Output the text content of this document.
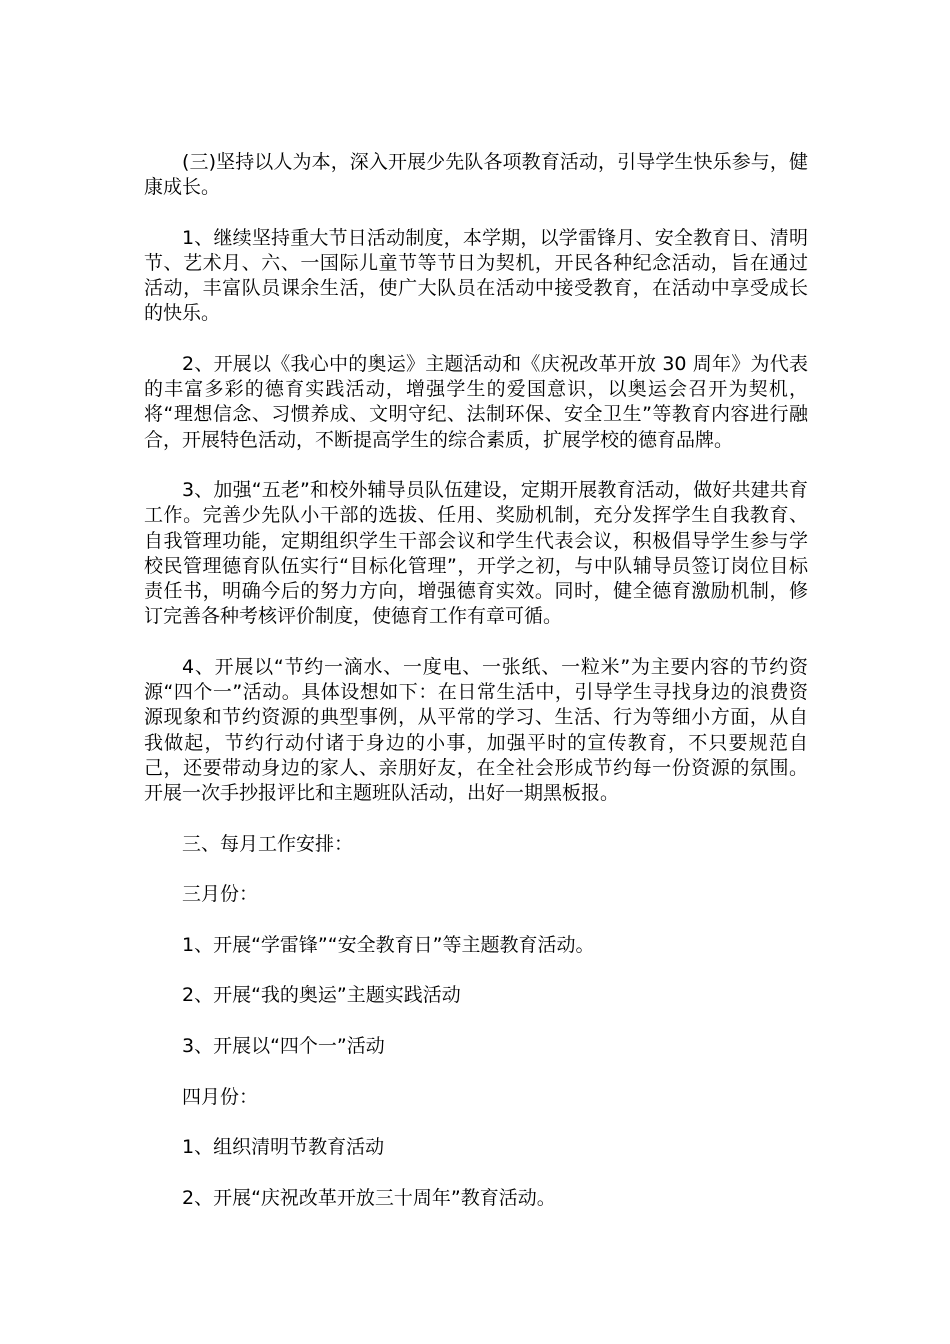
(三)坚持以人为本，深入开展少先队各项教育活动，引导学生快乐参与，健康成长。

1、继续坚持重大节日活动制度，本学期，以学雷锋月、安全教育日、清明节、艺术月、六、一国际儿童节等节日为契机，开民各种纪念活动，旨在通过活动，丰富队员课余生活，使广大队员在活动中接受教育，在活动中享受成长的快乐。

2、开展以《我心中的奥运》主题活动和《庆祝改革开放 30 周年》为代表的丰富多彩的德育实践活动，增强学生的爱国意识，以奥运会召开为契机，将“理想信念、习惯养成、文明守纪、法制环保、安全卫生”等教育内容进行融合，开展特色活动，不断提高学生的综合素质，扩展学校的德育品牌。

3、加强“五老”和校外辅导员队伍建设，定期开展教育活动，做好共建共育工作。完善少先队小干部的选拔、任用、奖励机制，充分发挥学生自我教育、自我管理功能，定期组织学生干部会议和学生代表会议，积极倡导学生参与学校民管理德育队伍实行“目标化管理”，开学之初，与中队辅导员签订岗位目标责任书，明确今后的努力方向，增强德育实效。同时，健全德育激励机制，修订完善各种考核评价制度，使德育工作有章可循。

4、开展以“节约一滴水、一度电、一张纸、一粒米”为主要内容的节约资源“四个一”活动。具体设想如下：在日常生活中，引导学生寻找身边的浪费资源现象和节约资源的典型事例，从平常的学习、生活、行为等细小方面，从自我做起，节约行动付诸于身边的小事，加强平时的宣传教育，不只要规范自己，还要带动身边的家人、亲朋好友，在全社会形成节约每一份资源的氛围。开展一次手抄报评比和主题班队活动，出好一期黑板报。

三、每月工作安排：

三月份：

1、开展“学雷锋”“安全教育日”等主题教育活动。

2、开展“我的奥运”主题实践活动

3、开展以“四个一”活动

四月份：

1、组织清明节教育活动

2、开展“庆祝改革开放三十周年”教育活动。
